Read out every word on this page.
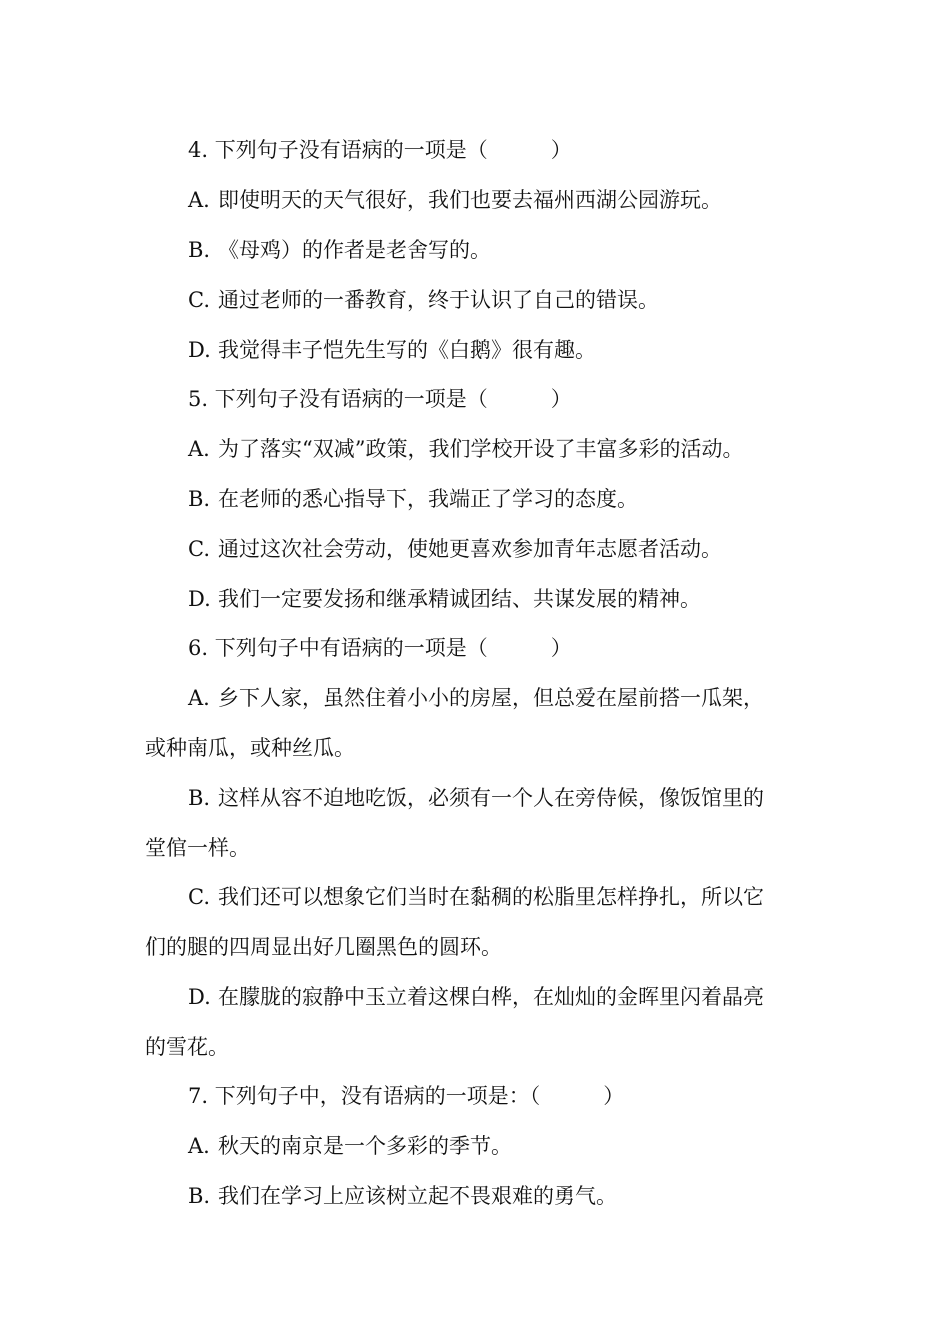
4. 下列句子没有语病的一项是（　　　）
A. 即使明天的天气很好，我们也要去福州西湖公园游玩。
B. 《母鸡）的作者是老舍写的。
C. 通过老师的一番教育，终于认识了自己的错误。
D. 我觉得丰子恺先生写的《白鹅》很有趣。
5. 下列句子没有语病的一项是（　　　）
A. 为了落实“双减”政策，我们学校开设了丰富多彩的活动。
B. 在老师的悉心指导下，我端正了学习的态度。
C. 通过这次社会劳动，使她更喜欢参加青年志愿者活动。
D. 我们一定要发扬和继承精诚团结、共谋发展的精神。
6. 下列句子中有语病的一项是（　　　）
A. 乡下人家，虽然住着小小的房屋，但总爱在屋前搭一瓜架，
或种南瓜，或种丝瓜。
B. 这样从容不迫地吃饭，必须有一个人在旁侍候，像饭馆里的
堂倌一样。
C. 我们还可以想象它们当时在黏稠的松脂里怎样挣扎，所以它
们的腿的四周显出好几圈黑色的圆环。
D. 在朦胧的寂静中玉立着这棵白桦，在灿灿的金晖里闪着晶亮
的雪花。
7. 下列句子中，没有语病的一项是：（　　　）
A. 秋天的南京是一个多彩的季节。
B. 我们在学习上应该树立起不畏艰难的勇气。
